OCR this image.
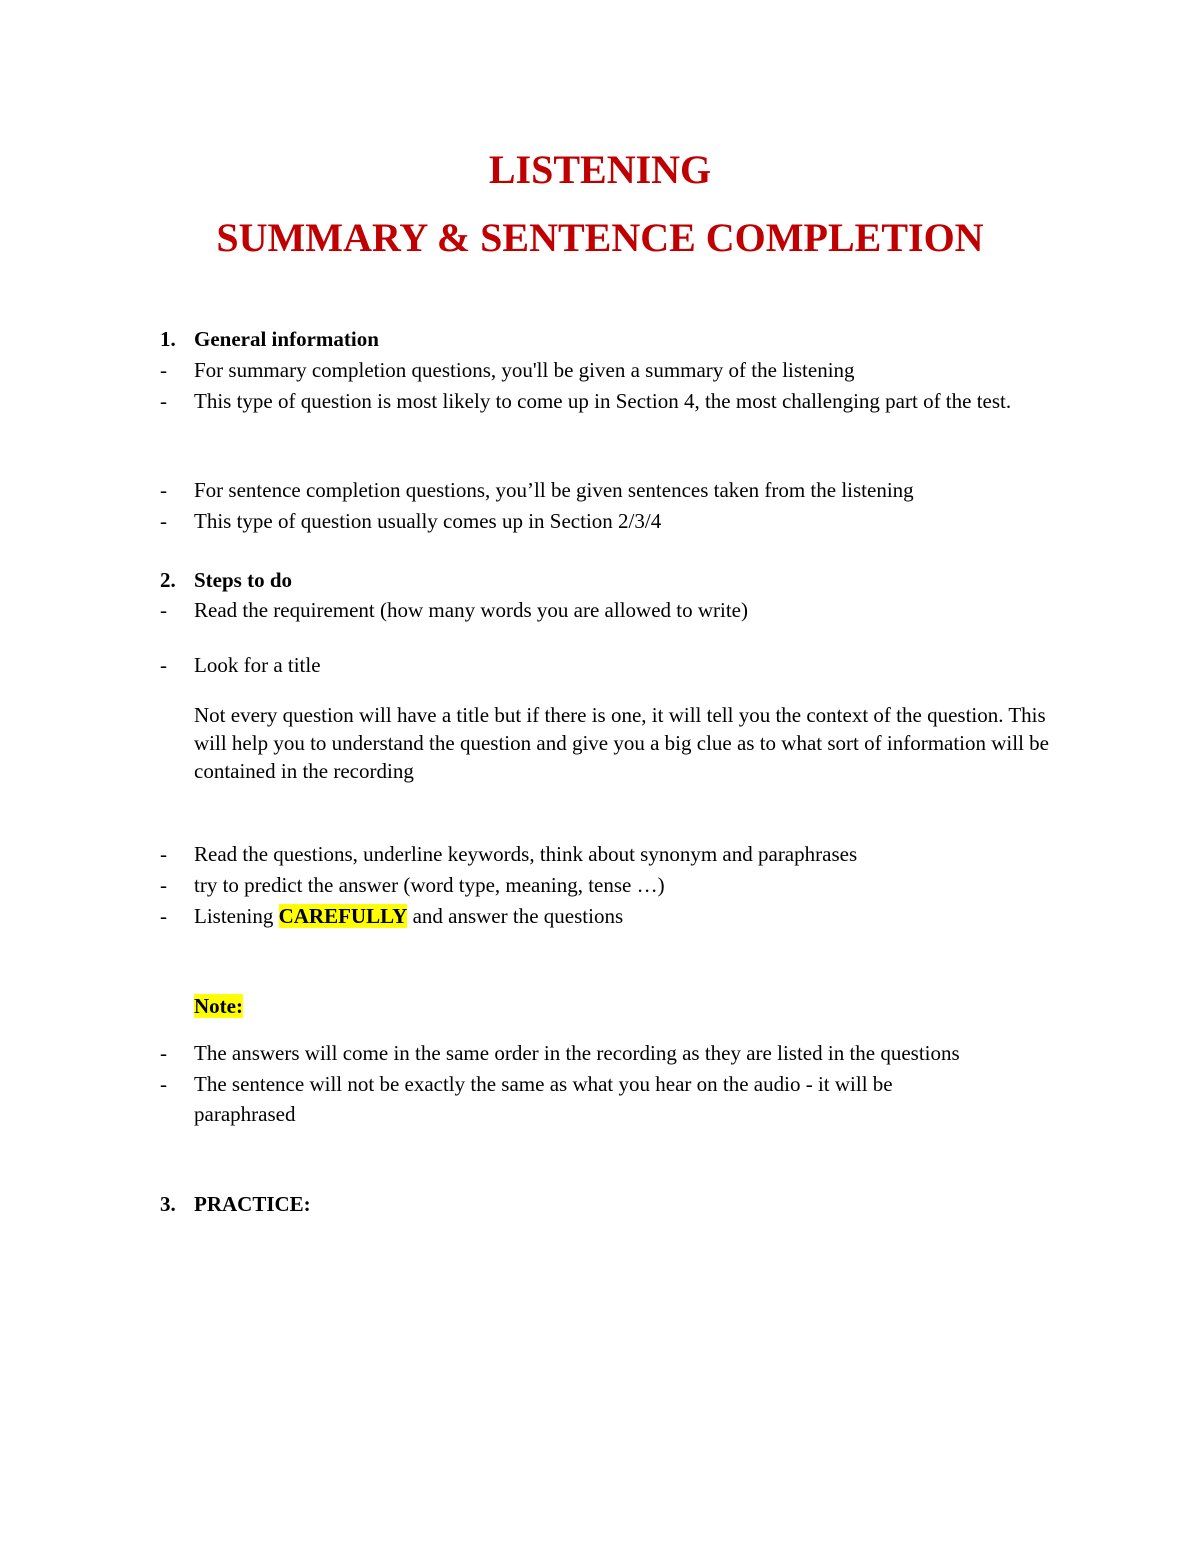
LISTENING
SUMMARY & SENTENCE COMPLETION

1. General information

- For summary completion questions, you'll be given a summary of the listening

- This type of question is most likely to come up in Section 4, the most challenging part of the test.

- For sentence completion questions, you’ll be given sentences taken from the listening

- This type of question usually comes up in Section 2/3/4

2. Steps to do

- Read the requirement (how many words you are allowed to write)

- Look for a title

Not every question will have a title but if there is one, it will tell you the context of the question. This will help you to understand the question and give you a big clue as to what sort of information will be contained in the recording

- Read the questions, underline keywords, think about synonym and paraphrases

- try to predict the answer (word type, meaning, tense …)

- Listening CAREFULLY and answer the questions

Note:

- The answers will come in the same order in the recording as they are listed in the questions

- The sentence will not be exactly the same as what you hear on the audio - it will be paraphrased

3. PRACTICE:
